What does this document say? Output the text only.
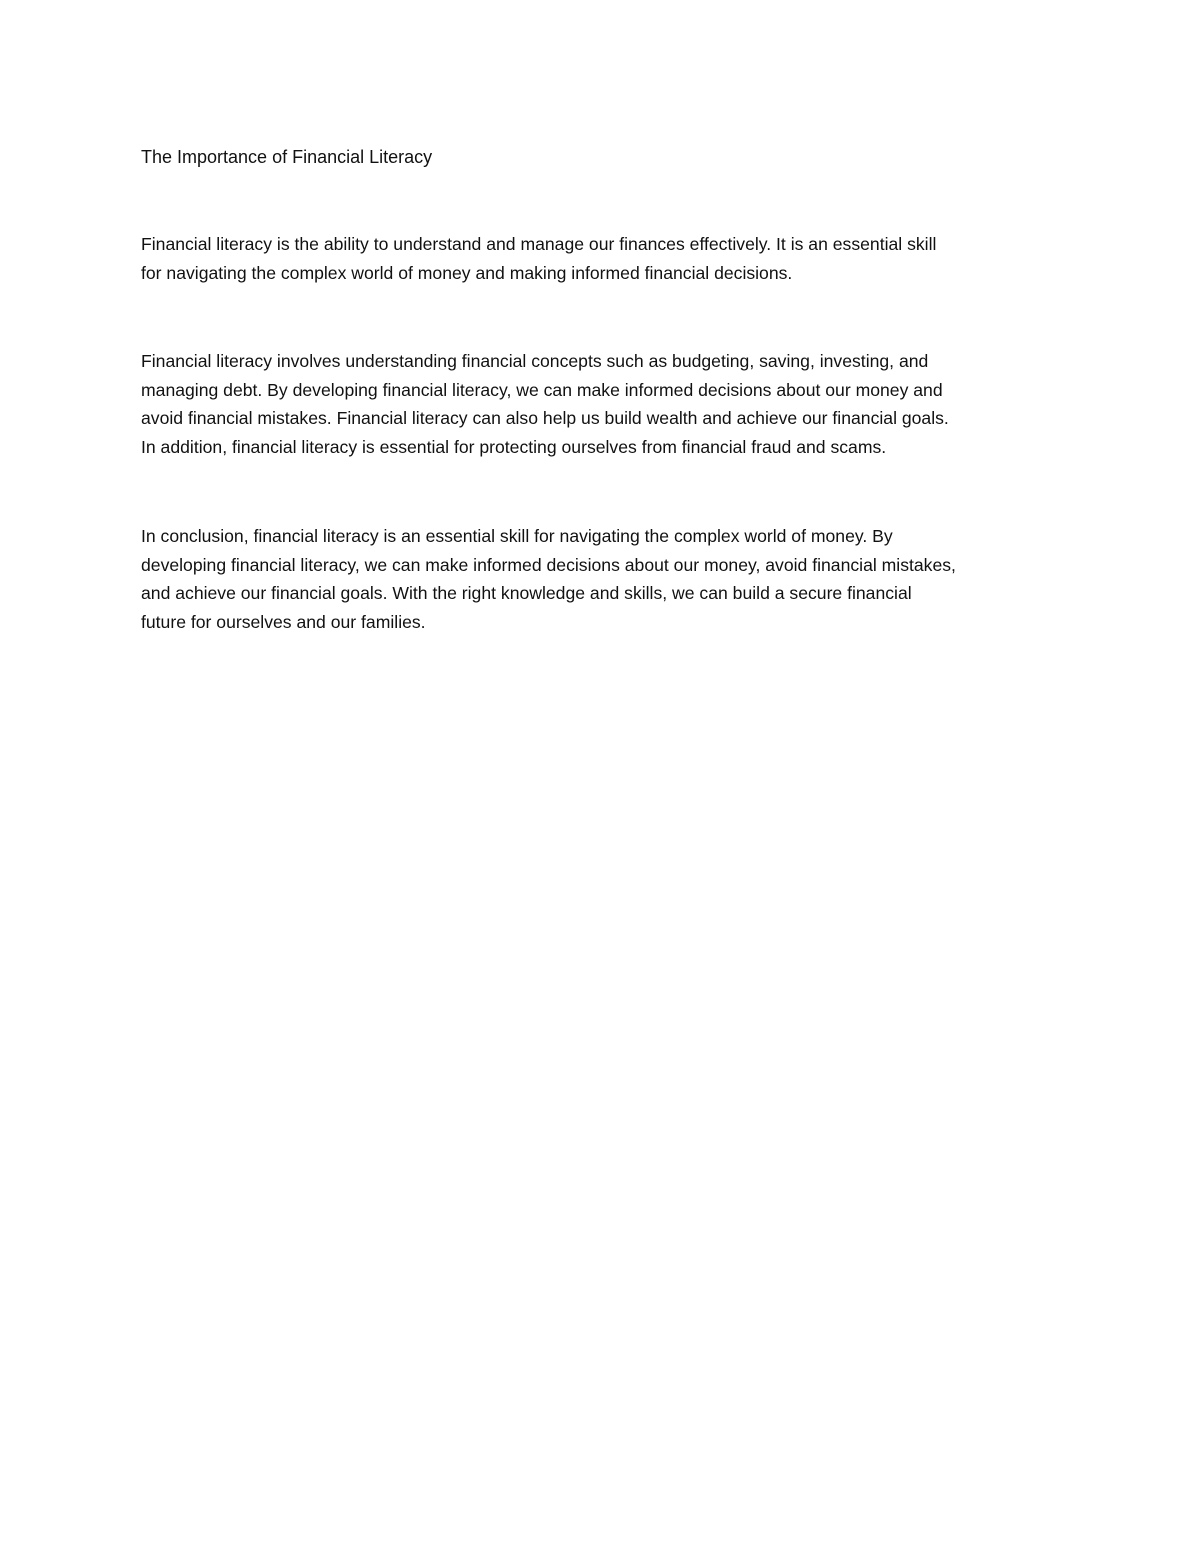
The Importance of Financial Literacy

Financial literacy is the ability to understand and manage our finances effectively. It is an essential skill
for navigating the complex world of money and making informed financial decisions.

Financial literacy involves understanding financial concepts such as budgeting, saving, investing, and
managing debt. By developing financial literacy, we can make informed decisions about our money and
avoid financial mistakes. Financial literacy can also help us build wealth and achieve our financial goals.
In addition, financial literacy is essential for protecting ourselves from financial fraud and scams.

In conclusion, financial literacy is an essential skill for navigating the complex world of money. By
developing financial literacy, we can make informed decisions about our money, avoid financial mistakes,
and achieve our financial goals. With the right knowledge and skills, we can build a secure financial
future for ourselves and our families.
